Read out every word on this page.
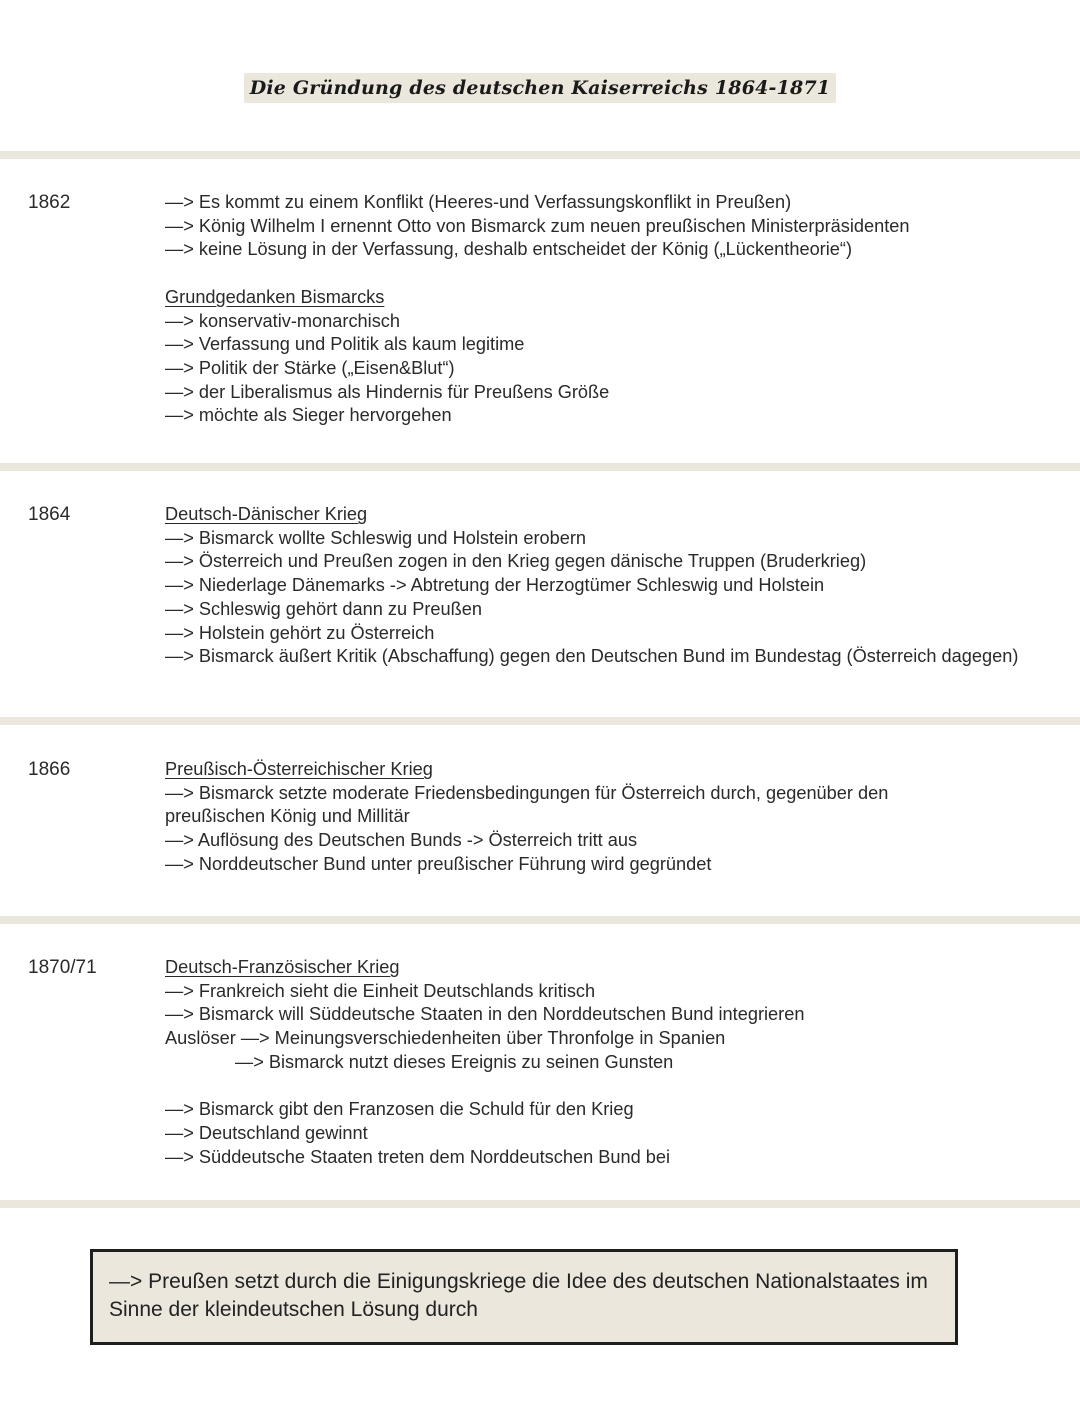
Die Gründung des deutschen Kaiserreichs 1864-1871
1862	—> Es kommt zu einem Konflikt (Heeres-und Verfassungskonflikt in Preußen)
—> König Wilhelm I ernennt Otto von Bismarck zum neuen preußischen Ministerpräsidenten
—> keine Lösung in der Verfassung, deshalb entscheidet der König („Lückentheorie“)
Grundgedanken Bismarcks
—> konservativ-monarchisch
—> Verfassung und Politik als kaum legitime
—> Politik der Stärke („Eisen&Blut“)
—> der Liberalismus als Hindernis für Preußens Größe
—> möchte als Sieger hervorgehen
1864	Deutsch-Dänischer Krieg
—> Bismarck wollte Schleswig und Holstein erobern
—> Österreich und Preußen zogen in den Krieg gegen dänische Truppen (Bruderkrieg)
—> Niederlage Dänemarks -> Abtretung der Herzogtümer Schleswig und Holstein
—> Schleswig gehört dann zu Preußen
—> Holstein gehört zu Österreich
—> Bismarck äußert Kritik (Abschaffung) gegen den Deutschen Bund im Bundestag (Österreich dagegen)
1866	Preußisch-Österreichischer Krieg
—> Bismarck setzte moderate Friedensbedingungen für Österreich durch, gegenüber den preußischen König und Millitär
—> Auflösung des Deutschen Bunds -> Österreich tritt aus
—> Norddeutscher Bund unter preußischer Führung wird gegründet
1870/71	Deutsch-Französischer Krieg
—> Frankreich sieht die Einheit Deutschlands kritisch
—> Bismarck will Süddeutsche Staaten in den Norddeutschen Bund integrieren
Auslöser —> Meinungsverschiedenheiten über Thronfolge in Spanien
—> Bismarck nutzt dieses Ereignis zu seinen Gunsten
—> Bismarck gibt den Franzosen die Schuld für den Krieg
—> Deutschland gewinnt
—> Süddeutsche Staaten treten dem Norddeutschen Bund bei
—> Preußen setzt durch die Einigungskriege die Idee des deutschen Nationalstaates im Sinne der kleindeutschen Lösung durch
